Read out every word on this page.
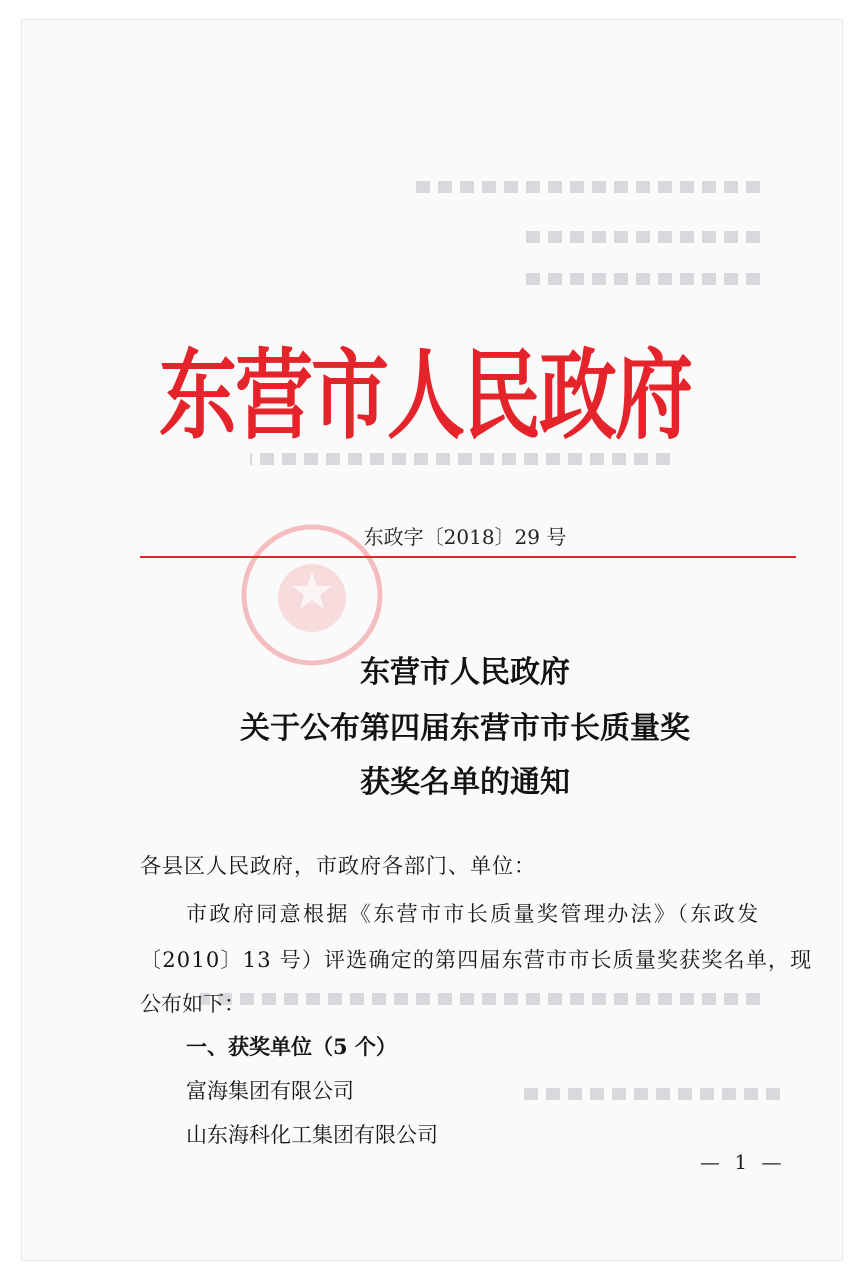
东营市人民政府
东政字〔2018〕29 号
东营市人民政府
关于公布第四届东营市市长质量奖
获奖名单的通知
各县区人民政府，市政府各部门、单位：
市政府同意根据《东营市市长质量奖管理办法》（东政发
〔2010〕13 号）评选确定的第四届东营市市长质量奖获奖名单，现
公布如下：
一、获奖单位（5 个）
富海集团有限公司
山东海科化工集团有限公司
— 1 —
